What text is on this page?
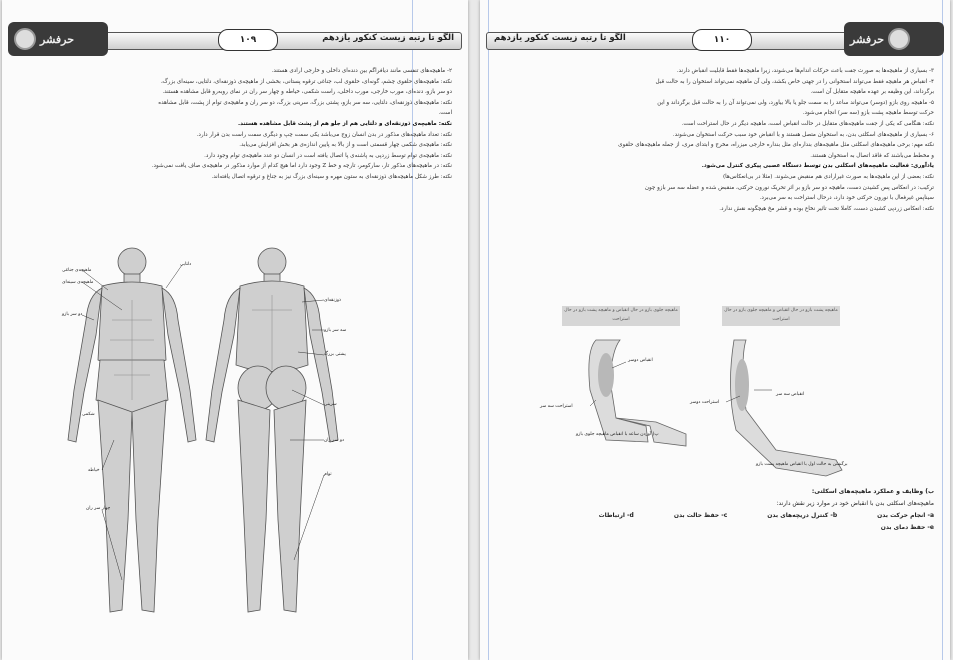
حرفشر	۱۰۹	الگو تا رتبه زیست کنکور یازدهم

۲- ماهیچه‌های تنفسی مانند دیافراگم بین دنده‌ای داخلی و خارجی ارادی هستند.

نکته: ماهیچه‌های حلقوی چشم، گونه‌ای، حلقوی لب، جناغی ترقوه پستانی، بخشی از ماهیچه‌ی ذوزنقه‌ای، دلتایی، سینه‌ای بزرگ،

دو سر بازو، دنده‌ای، مورب خارجی، مورب داخلی، راست شکمی، خیاطه و چهار سر ران در نمای روبه‌رو قابل مشاهده هستند.

نکته: ماهیچه‌های ذوزنقه‌ای، دلتایی، سه سر بازو، پشتی بزرگ، سرینی بزرگ، دو سر ران و ماهیچه‌ی توام از پشت، قابل مشاهده

است.

نکته: ماهیچه‌ی ذوزنقه‌ای و دلتایی هم از جلو هم از پشت قابل مشاهده هستند.

نکته: تعداد ماهیچه‌های مذکور در بدن انسان زوج می‌باشد یکی سمت چپ و دیگری سمت راست بدن قرار دارد.

نکته: ماهیچه‌ی شکمی چهار قسمتی است و از بالا به پایین اندازه‌ی هر بخش افزایش می‌یابد.

نکته: ماهیچه‌ی توام توسط زردپی به پاشنه‌ی پا اتصال یافته است در انسان دو عدد ماهیچه‌ی توام وجود دارد.

نکته: در ماهیچه‌های مذکور تار، سارکومر، تارچه و خط Z وجود دارد اما هیچ کدام از موارد مذکور در ماهیچه‌ی صاف یافت نمی‌شود.

نکته: طرز شکل ماهیچه‌های ذوزنقه‌ای به ستون مهره و سینه‌ای بزرگ نیز به جناغ و ترقوه اتصال یافته‌اند.

ماهیچه‌ی جناغی
ماهیچه‌ی سینه‌ای
دو سر بازو
دلتایی
ذوزنقه‌ای
سه سر بازو
پشتی بزرگ
سرینی
دو سر ران
خیاطه
توام
شکمی
چهار سر ران
الگو تا رتبه زیست کنکور یازدهم	۱۱۰	حرفشر

۳- بسیاری از ماهیچه‌ها به صورت جفت باعث حرکات اندام‌ها می‌شوند، زیرا ماهیچه‌ها فقط قابلیت انقباض دارند.

۴- انقباض هر ماهیچه فقط می‌تواند استخوانی را در جهتی خاص بکشد، ولی آن ماهیچه نمی‌تواند استخوان را به حالت قبل

برگرداند، این وظیفه بر عهده ماهیچه متقابل آن است.

۵- ماهیچه روی بازو (دوسر) می‌تواند ساعد را به سمت جلو یا بالا بیاورد، ولی نمی‌تواند آن را به حالت قبل برگرداند و این

حرکت توسط ماهیچه پشت بازو (سه سر) انجام می‌شود.

نکته: هنگامی که یکی از جفت ماهیچه‌های متقابل در حالت انقباض است، ماهیچه دیگر در حال استراحت است.

۶- بسیاری از ماهیچه‌های اسکلتی بدن، به استخوان متصل هستند و با انقباض خود سبب حرکت استخوان می‌شوند.

نکته مهم: برخی ماهیچه‌های اسکلتی مثل ماهیچه‌های بنداره‌ای مثل بنداره خارجی میزراه، مخرج و ابتدای مری، از جمله ماهیچه‌های حلقوی

و مخطط می‌باشند که فاقد اتصال به استخوان هستند.

یادآوری: فعالیت ماهیچه‌های اسکلتی بدن توسط دستگاه عصبی پیکری کنترل می‌شود.

نکته: بعضی از این ماهیچه‌ها به صورت غیرارادی هم منقبض می‌شوند. (مثلا در بی‌انعکاس‌ها)

ترکیب: در انعکاس پس کشیدن دست، ماهیچه دو سر بازو بر اثر تحریک نورون حرکتی، منقبض شده و عضله سه سر بازو چون

سیناپس غیرفعال با نورون حرکتی خود دارد، درحال استراحت به سر می‌برد.

نکته: انعکاس زردپی کشیدن دست، کاملا تحت تاثیر نخاع بوده و قشر مخ هیچگونه نقش ندارد.

ماهیچه جلوی بازو در حال انقباض و ماهیچه پشت بازو در حال استراحت
ماهیچه پشت بازو در حال انقباض و ماهیچه جلوی بازو در حال استراحت
انقباض دوسر
استراحت سه سر
استراحت دوسر
انقباض سه سر
پ) آوردن ساعد با انقباض ماهیچه جلوی بازو
برگشتن به حالت اول با انقباض ماهیچه پشت بازو
ب) وظایف و عملکرد ماهیچه‌های اسکلتی:
ماهیچه‌های اسکلتی بدن با انقباض خود در موارد زیر نقش دارند:
a- انجام حرکت بدن
b- کنترل دریچه‌های بدن
c- حفظ حالت بدن
d- ارتباطات
e- حفظ دمای بدن
